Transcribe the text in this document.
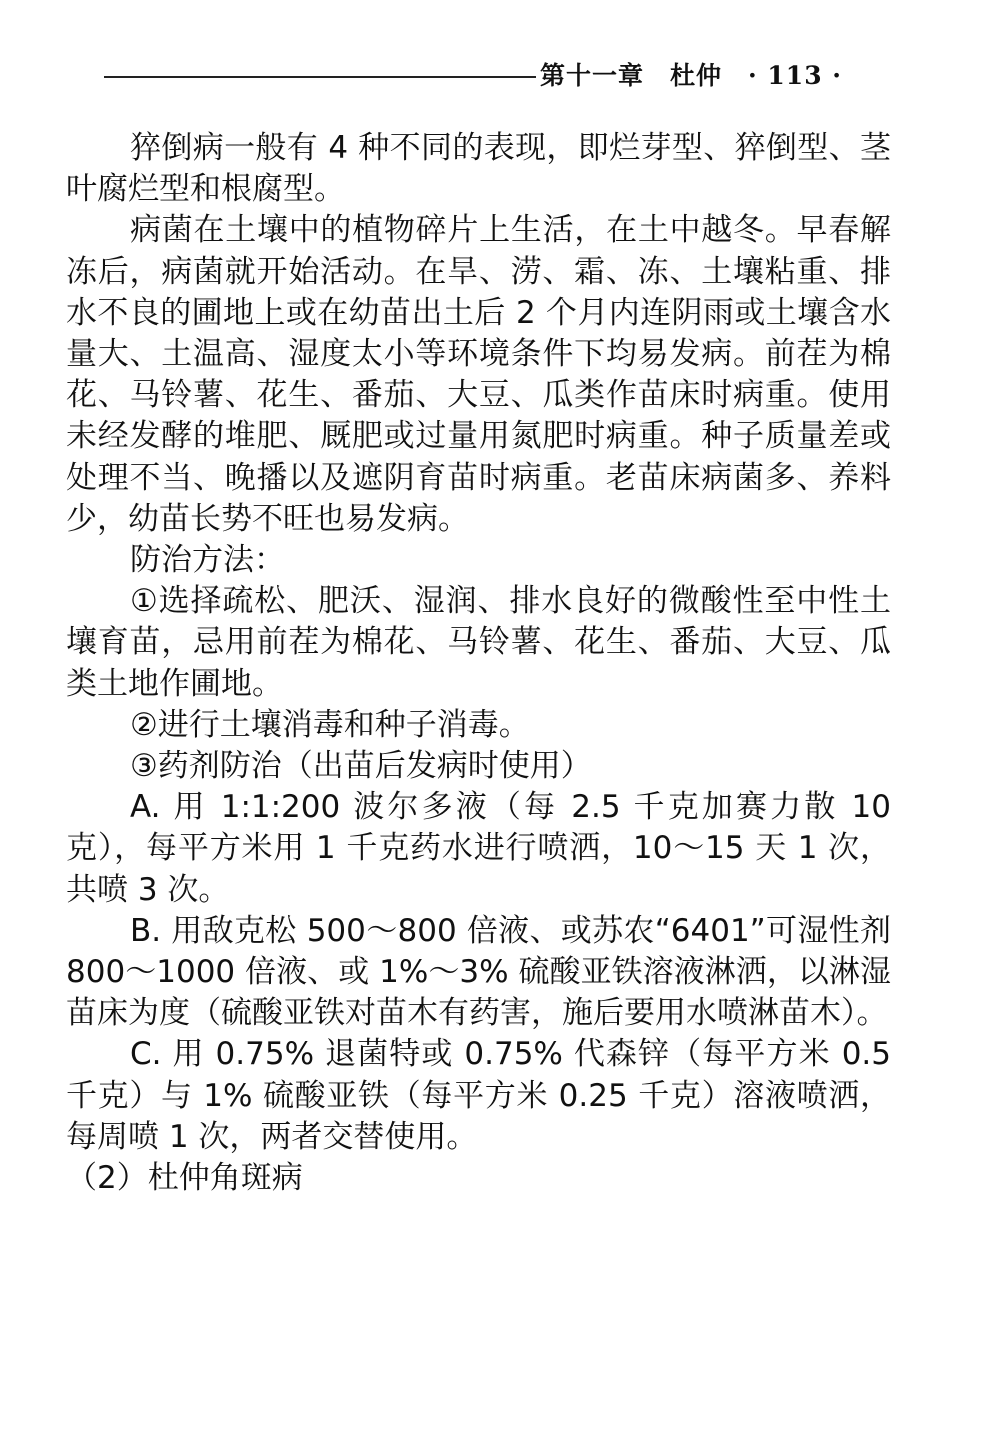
第十一章　杜仲　· 113 ·

猝倒病一般有 4 种不同的表现，即烂芽型、猝倒型、茎叶腐烂型和根腐型。

病菌在土壤中的植物碎片上生活，在土中越冬。早春解冻后，病菌就开始活动。在旱、涝、霜、冻、土壤粘重、排水不良的圃地上或在幼苗出土后 2 个月内连阴雨或土壤含水量大、土温高、湿度太小等环境条件下均易发病。前茬为棉花、马铃薯、花生、番茄、大豆、瓜类作苗床时病重。使用未经发酵的堆肥、厩肥或过量用氮肥时病重。种子质量差或处理不当、晚播以及遮阴育苗时病重。老苗床病菌多、养料少，幼苗长势不旺也易发病。

防治方法：

①选择疏松、肥沃、湿润、排水良好的微酸性至中性土壤育苗，忌用前茬为棉花、马铃薯、花生、番茄、大豆、瓜类土地作圃地。

②进行土壤消毒和种子消毒。

③药剂防治（出苗后发病时使用）

A. 用 1:1:200 波尔多液（每 2.5 千克加赛力散 10 克），每平方米用 1 千克药水进行喷洒，10～15 天 1 次，共喷 3 次。

B. 用敌克松 500～800 倍液、或苏农“6401”可湿性剂 800～1000 倍液、或 1%～3% 硫酸亚铁溶液淋洒，以淋湿苗床为度（硫酸亚铁对苗木有药害，施后要用水喷淋苗木）。

C. 用 0.75% 退菌特或 0.75% 代森锌（每平方米 0.5 千克）与 1% 硫酸亚铁（每平方米 0.25 千克）溶液喷洒，每周喷 1 次，两者交替使用。

（2）杜仲角斑病
